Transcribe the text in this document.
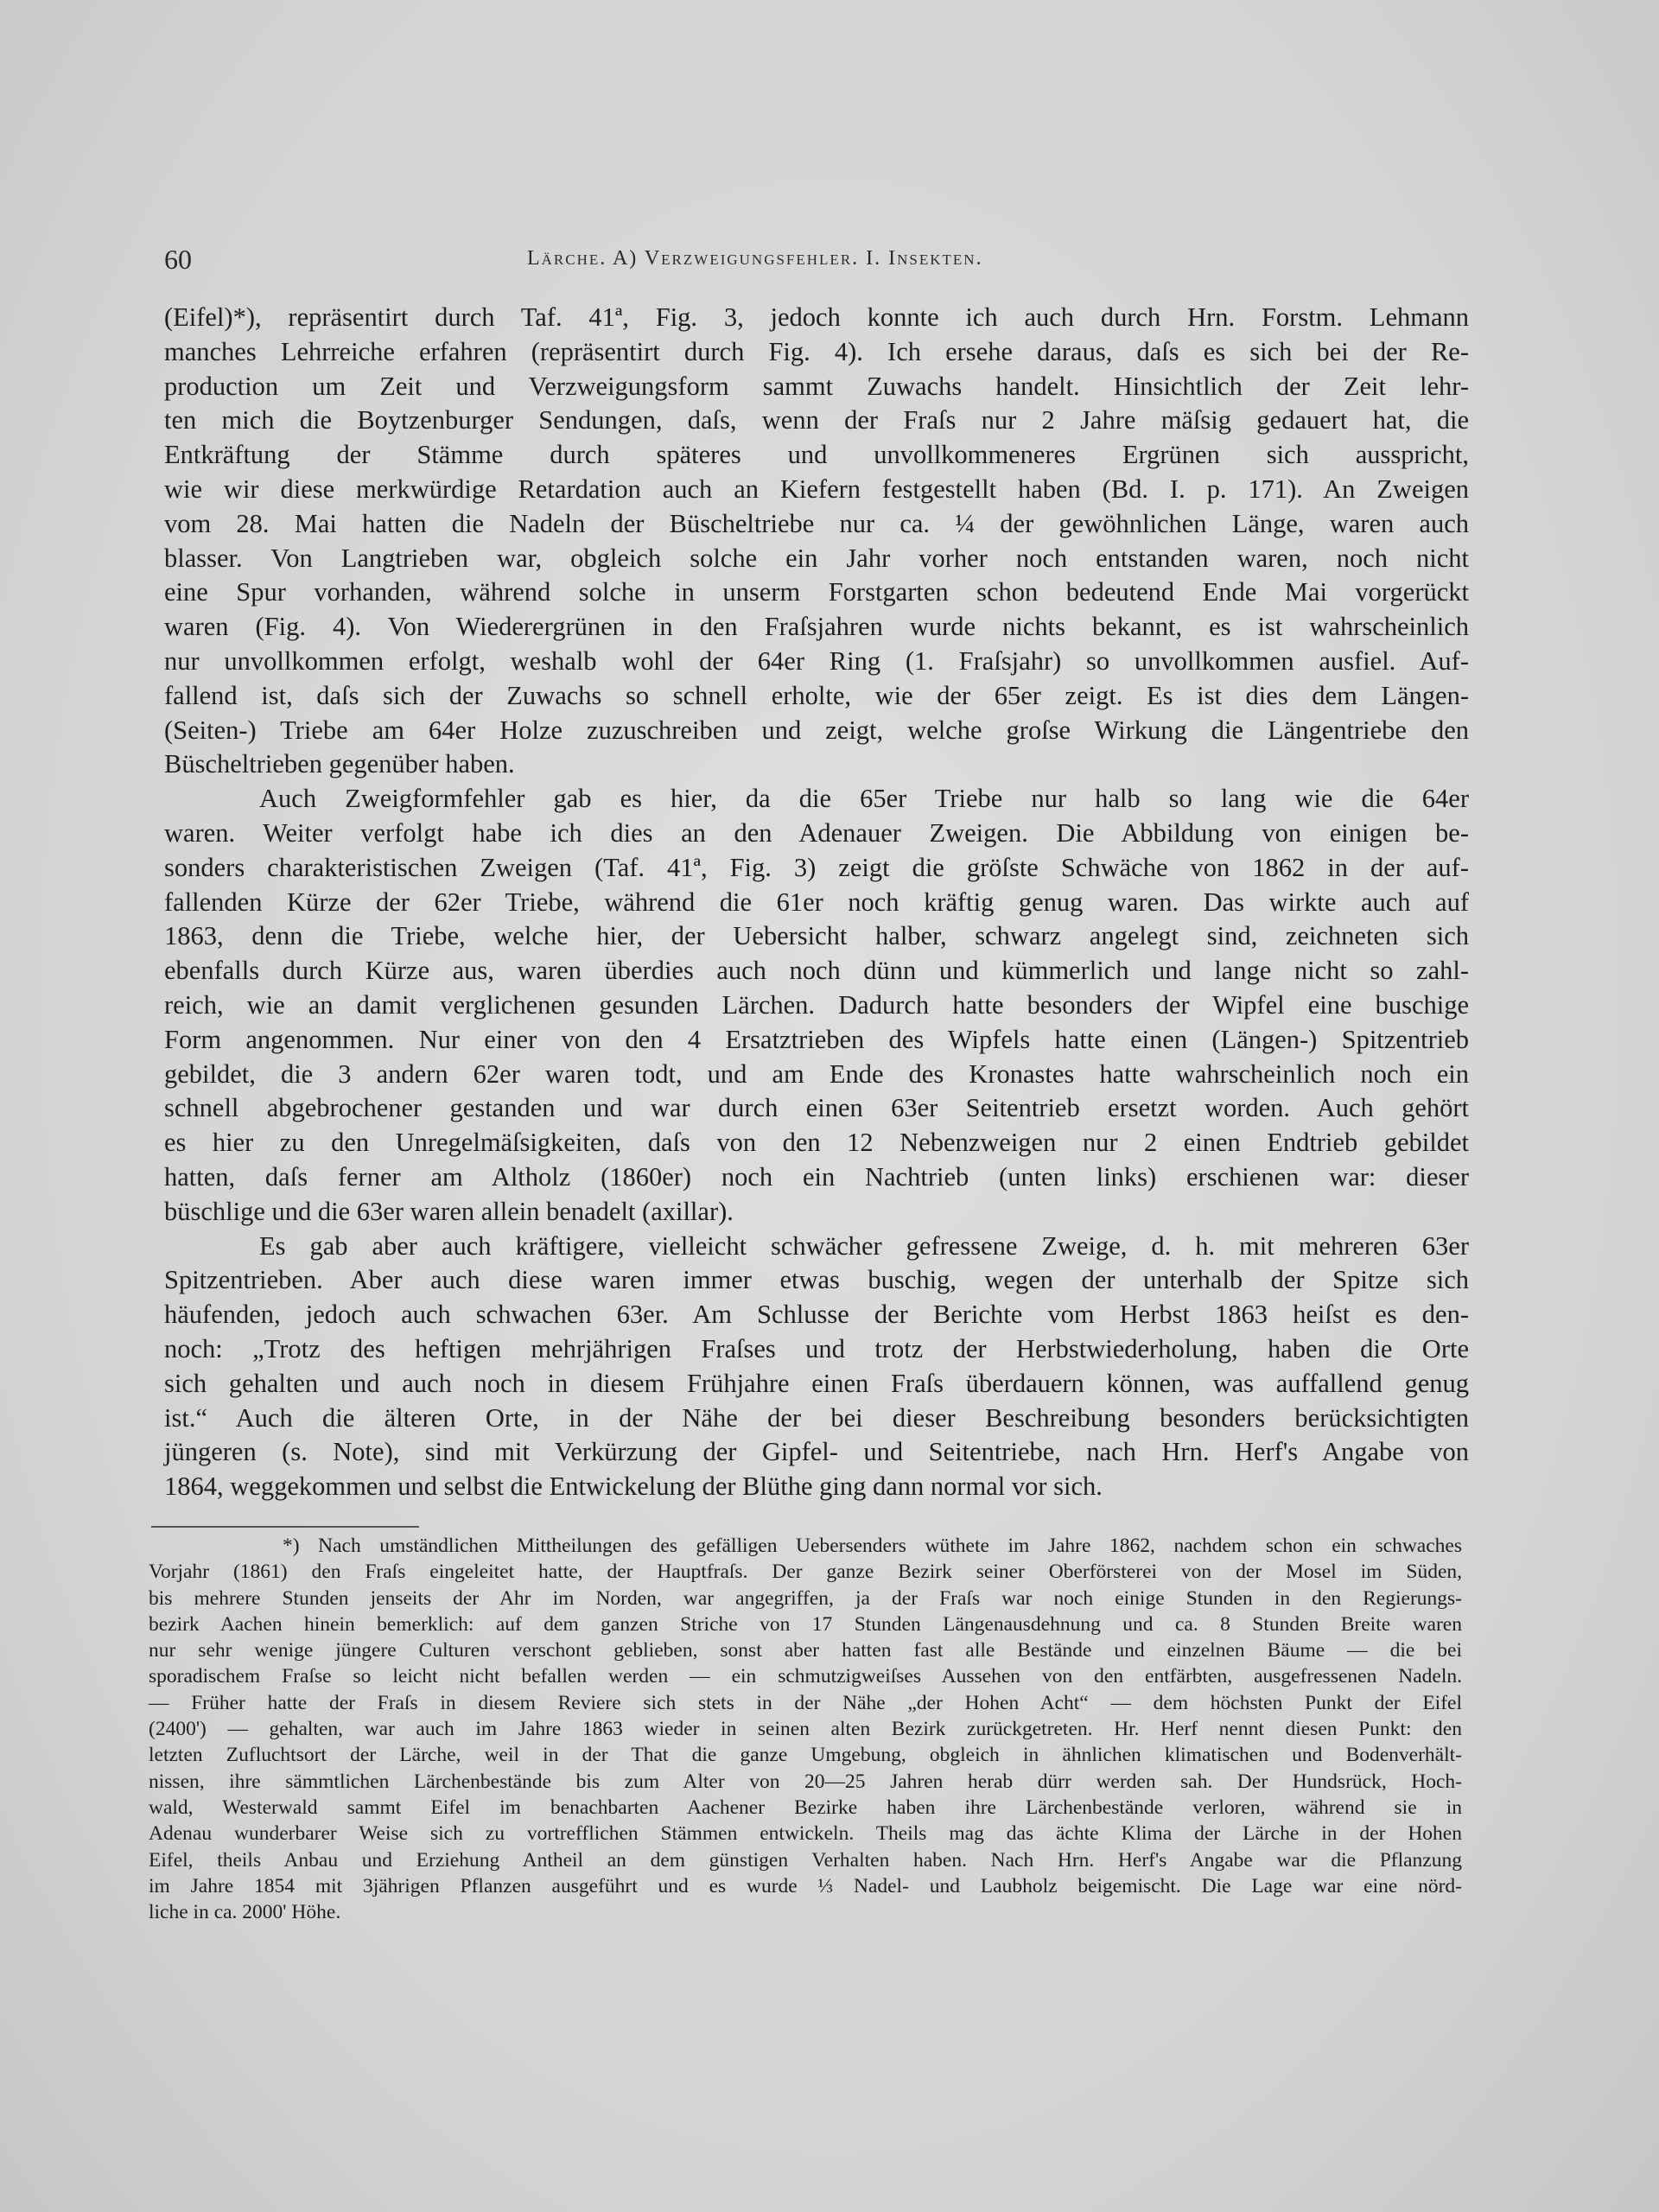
60	Lärche. A) Verzweigungsfehler. I. Insekten.
(Eifel)*), repräsentirt durch Taf. 41ª, Fig. 3, jedoch konnte ich auch durch Hrn. Forstm. Lehmann
manches Lehrreiche erfahren (repräsentirt durch Fig. 4). Ich ersehe daraus, daſs es sich bei der Re-
production um Zeit und Verzweigungsform sammt Zuwachs handelt. Hinsichtlich der Zeit lehr-
ten mich die Boytzenburger Sendungen, daſs, wenn der Fraſs nur 2 Jahre mäſsig gedauert hat, die
Entkräftung der Stämme durch späteres und unvollkommeneres Ergrünen sich ausspricht,
wie wir diese merkwürdige Retardation auch an Kiefern festgestellt haben (Bd. I. p. 171). An Zweigen
vom 28. Mai hatten die Nadeln der Büscheltriebe nur ca. ¼ der gewöhnlichen Länge, waren auch
blasser. Von Langtrieben war, obgleich solche ein Jahr vorher noch entstanden waren, noch nicht
eine Spur vorhanden, während solche in unserm Forstgarten schon bedeutend Ende Mai vorgerückt
waren (Fig. 4). Von Wiederergrünen in den Fraſsjahren wurde nichts bekannt, es ist wahrscheinlich
nur unvollkommen erfolgt, weshalb wohl der 64er Ring (1. Fraſsjahr) so unvollkommen ausfiel. Auf-
fallend ist, daſs sich der Zuwachs so schnell erholte, wie der 65er zeigt. Es ist dies dem Längen-
(Seiten-) Triebe am 64er Holze zuzuschreiben und zeigt, welche groſse Wirkung die Längentriebe den
Büscheltrieben gegenüber haben.
Auch Zweigformfehler gab es hier, da die 65er Triebe nur halb so lang wie die 64er
waren. Weiter verfolgt habe ich dies an den Adenauer Zweigen. Die Abbildung von einigen be-
sonders charakteristischen Zweigen (Taf. 41ª, Fig. 3) zeigt die gröſste Schwäche von 1862 in der auf-
fallenden Kürze der 62er Triebe, während die 61er noch kräftig genug waren. Das wirkte auch auf
1863, denn die Triebe, welche hier, der Uebersicht halber, schwarz angelegt sind, zeichneten sich
ebenfalls durch Kürze aus, waren überdies auch noch dünn und kümmerlich und lange nicht so zahl-
reich, wie an damit verglichenen gesunden Lärchen. Dadurch hatte besonders der Wipfel eine buschige
Form angenommen. Nur einer von den 4 Ersatztrieben des Wipfels hatte einen (Längen-) Spitzentrieb
gebildet, die 3 andern 62er waren todt, und am Ende des Kronastes hatte wahrscheinlich noch ein
schnell abgebrochener gestanden und war durch einen 63er Seitentrieb ersetzt worden. Auch gehört
es hier zu den Unregelmäſsigkeiten, daſs von den 12 Nebenzweigen nur 2 einen Endtrieb gebildet
hatten, daſs ferner am Altholz (1860er) noch ein Nachtrieb (unten links) erschienen war: dieser
büschlige und die 63er waren allein benadelt (axillar).
Es gab aber auch kräftigere, vielleicht schwächer gefressene Zweige, d. h. mit mehreren 63er
Spitzentrieben. Aber auch diese waren immer etwas buschig, wegen der unterhalb der Spitze sich
häufenden, jedoch auch schwachen 63er. Am Schlusse der Berichte vom Herbst 1863 heiſst es den-
noch: „Trotz des heftigen mehrjährigen Fraſses und trotz der Herbstwiederholung, haben die Orte
sich gehalten und auch noch in diesem Frühjahre einen Fraſs überdauern können, was auffallend genug
ist.“ Auch die älteren Orte, in der Nähe der bei dieser Beschreibung besonders berücksichtigten
jüngeren (s. Note), sind mit Verkürzung der Gipfel- und Seitentriebe, nach Hrn. Herf's Angabe von
1864, weggekommen und selbst die Entwickelung der Blüthe ging dann normal vor sich.
*) Nach umständlichen Mittheilungen des gefälligen Uebersenders wüthete im Jahre 1862, nachdem schon ein schwaches
Vorjahr (1861) den Fraſs eingeleitet hatte, der Hauptfraſs. Der ganze Bezirk seiner Oberförsterei von der Mosel im Süden,
bis mehrere Stunden jenseits der Ahr im Norden, war angegriffen, ja der Fraſs war noch einige Stunden in den Regierungs-
bezirk Aachen hinein bemerklich: auf dem ganzen Striche von 17 Stunden Längenausdehnung und ca. 8 Stunden Breite waren
nur sehr wenige jüngere Culturen verschont geblieben, sonst aber hatten fast alle Bestände und einzelnen Bäume — die bei
sporadischem Fraſse so leicht nicht befallen werden — ein schmutzigweiſses Aussehen von den entfärbten, ausgefressenen Nadeln.
— Früher hatte der Fraſs in diesem Reviere sich stets in der Nähe „der Hohen Acht“ — dem höchsten Punkt der Eifel
(2400') — gehalten, war auch im Jahre 1863 wieder in seinen alten Bezirk zurückgetreten. Hr. Herf nennt diesen Punkt: den
letzten Zufluchtsort der Lärche, weil in der That die ganze Umgebung, obgleich in ähnlichen klimatischen und Bodenverhält-
nissen, ihre sämmtlichen Lärchenbestände bis zum Alter von 20—25 Jahren herab dürr werden sah. Der Hundsrück, Hoch-
wald, Westerwald sammt Eifel im benachbarten Aachener Bezirke haben ihre Lärchenbestände verloren, während sie in
Adenau wunderbarer Weise sich zu vortrefflichen Stämmen entwickeln. Theils mag das ächte Klima der Lärche in der Hohen
Eifel, theils Anbau und Erziehung Antheil an dem günstigen Verhalten haben. Nach Hrn. Herf's Angabe war die Pflanzung
im Jahre 1854 mit 3jährigen Pflanzen ausgeführt und es wurde ⅓ Nadel- und Laubholz beigemischt. Die Lage war eine nörd-
liche in ca. 2000' Höhe.
